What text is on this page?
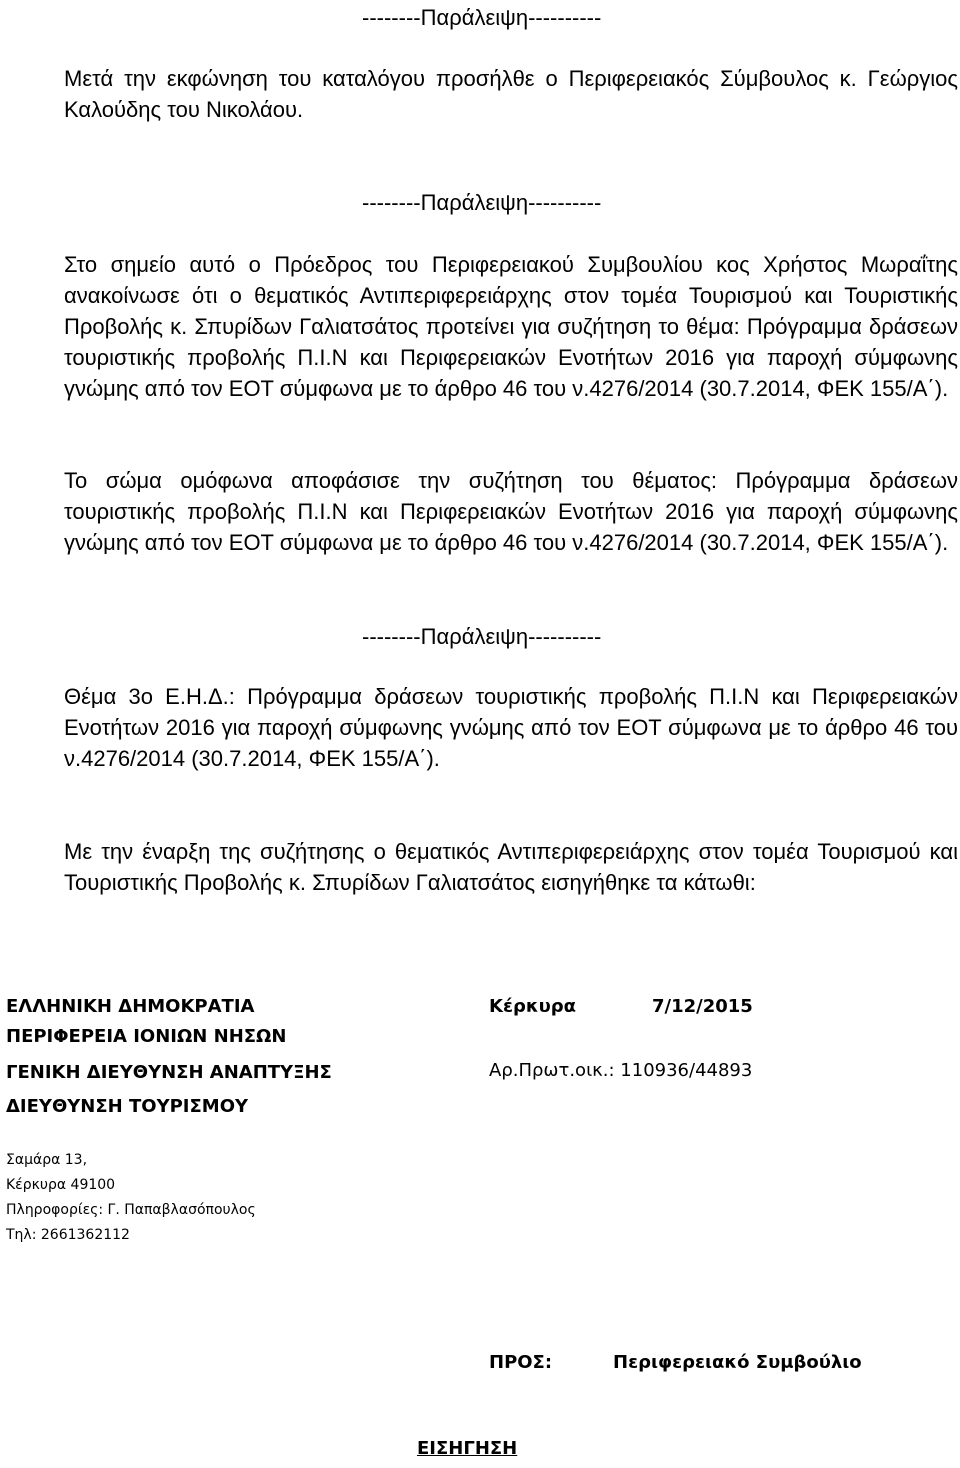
--------Παράλειψη----------
Μετά την εκφώνηση του καταλόγου προσήλθε ο Περιφερειακός Σύμβουλος κ. Γεώργιος Καλούδης του Νικολάου.
--------Παράλειψη----------
Στο σημείο αυτό ο Πρόεδρος του Περιφερειακού Συμβουλίου κος Χρήστος Μωραΐτης ανακοίνωσε ότι ο θεματικός Αντιπεριφερειάρχης στον τομέα Τουρισμού και Τουριστικής Προβολής κ. Σπυρίδων Γαλιατσάτος προτείνει για συζήτηση το θέμα: Πρόγραμμα δράσεων τουριστικής προβολής Π.Ι.Ν και Περιφερειακών Ενοτήτων 2016 για παροχή σύμφωνης γνώμης από τον ΕΟΤ σύμφωνα με το άρθρο 46 του ν.4276/2014 (30.7.2014, ΦΕΚ 155/Α΄).
Το σώμα ομόφωνα αποφάσισε την συζήτηση του θέματος: Πρόγραμμα δράσεων τουριστικής προβολής Π.Ι.Ν και Περιφερειακών Ενοτήτων 2016 για παροχή σύμφωνης γνώμης από τον ΕΟΤ σύμφωνα με το άρθρο 46 του ν.4276/2014 (30.7.2014, ΦΕΚ 155/Α΄).
--------Παράλειψη----------
Θέμα 3ο Ε.Η.Δ.: Πρόγραμμα δράσεων τουριστικής προβολής Π.Ι.Ν και Περιφερειακών Ενοτήτων 2016 για παροχή σύμφωνης γνώμης από τον ΕΟΤ σύμφωνα με το άρθρο 46 του ν.4276/2014 (30.7.2014, ΦΕΚ 155/Α΄).
Με την έναρξη της συζήτησης ο θεματικός Αντιπεριφερειάρχης στον τομέα Τουρισμού και Τουριστικής Προβολής κ. Σπυρίδων Γαλιατσάτος εισηγήθηκε τα κάτωθι:
ΕΛΛΗΝΙΚΗ ΔΗΜΟΚΡΑΤΙΑ
ΠΕΡΙΦΕΡΕΙΑ ΙΟΝΙΩΝ ΝΗΣΩΝ
ΓΕΝΙΚΗ ΔΙΕΥΘΥΝΣΗ ΑΝΑΠΤΥΞΗΣ
ΔΙΕΥΘΥΝΣΗ ΤΟΥΡΙΣΜΟΥ
Κέρκυρα	7/12/2015
Αρ.Πρωτ.οικ.: 110936/44893
Σαμάρα 13,
Κέρκυρα 49100
Πληροφορίες: Γ. Παπαβλασόπουλος
Τηλ: 2661362112
ΠΡΟΣ:	Περιφερειακό Συμβούλιο
ΕΙΣΗΓΗΣΗ
